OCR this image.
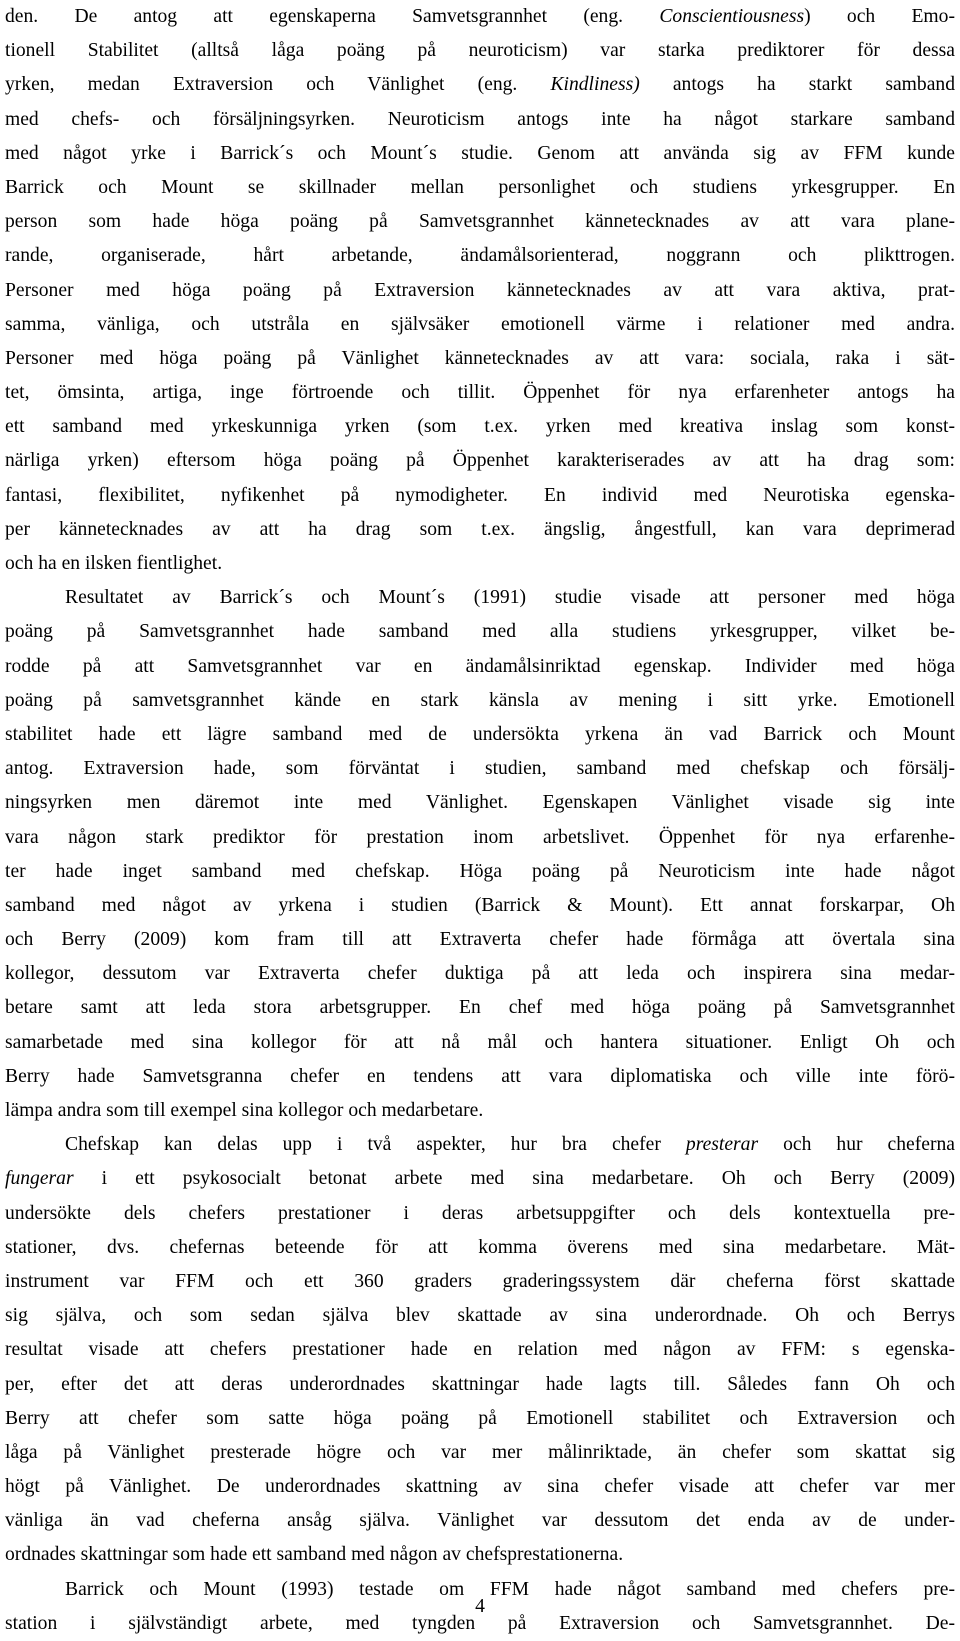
den. De antog att egenskaperna Samvetsgrannhet (eng. Conscientiousness) och Emo-
tionell Stabilitet (alltså låga poäng på neuroticism) var starka prediktorer för dessa
yrken, medan Extraversion och Vänlighet (eng. Kindliness) antogs ha starkt samband
med chefs- och försäljningsyrken. Neuroticism antogs inte ha något starkare samband
med något yrke i Barrick´s och Mount´s studie. Genom att använda sig av FFM kunde
Barrick och Mount se skillnader mellan personlighet och studiens yrkesgrupper. En
person som hade höga poäng på Samvetsgrannhet kännetecknades av att vara plane-
rande, organiserade, hårt arbetande, ändamålsorienterad, noggrann och plikttrogen.
Personer med höga poäng på Extraversion kännetecknades av att vara aktiva, prat-
samma, vänliga, och utstråla en självsäker emotionell värme i relationer med andra.
Personer med höga poäng på Vänlighet kännetecknades av att vara: sociala, raka i sät-
tet, ömsinta, artiga, inge förtroende och tillit. Öppenhet för nya erfarenheter antogs ha
ett samband med yrkeskunniga yrken (som t.ex. yrken med kreativa inslag som konst-
närliga yrken) eftersom höga poäng på Öppenhet karakteriserades av att ha drag som:
fantasi, flexibilitet, nyfikenhet på nymodigheter. En individ med Neurotiska egenska-
per kännetecknades av att ha drag som t.ex. ängslig, ångestfull, kan vara deprimerad
och ha en ilsken fientlighet.
Resultatet av Barrick´s och Mount´s (1991) studie visade att personer med höga
poäng på Samvetsgrannhet hade samband med alla studiens yrkesgrupper, vilket be-
rodde på att Samvetsgrannhet var en ändamålsinriktad egenskap. Individer med höga
poäng på samvetsgrannhet kände en stark känsla av mening i sitt yrke. Emotionell
stabilitet hade ett lägre samband med de undersökta yrkena än vad Barrick och Mount
antog. Extraversion hade, som förväntat i studien, samband med chefskap och försälj-
ningsyrken men däremot inte med Vänlighet. Egenskapen Vänlighet visade sig inte
vara någon stark prediktor för prestation inom arbetslivet. Öppenhet för nya erfarenhe-
ter hade inget samband med chefskap. Höga poäng på Neuroticism inte hade något
samband med något av yrkena i studien (Barrick & Mount). Ett annat forskarpar, Oh
och Berry (2009) kom fram till att Extraverta chefer hade förmåga att övertala sina
kollegor, dessutom var Extraverta chefer duktiga på att leda och inspirera sina medar-
betare samt att leda stora arbetsgrupper. En chef med höga poäng på Samvetsgrannhet
samarbetade med sina kollegor för att nå mål och hantera situationer. Enligt Oh och
Berry hade Samvetsgranna chefer en tendens att vara diplomatiska och ville inte förö-
lämpa andra som till exempel sina kollegor och medarbetare.
Chefskap kan delas upp i två aspekter, hur bra chefer presterar och hur cheferna
fungerar i ett psykosocialt betonat arbete med sina medarbetare. Oh och Berry (2009)
undersökte dels chefers prestationer i deras arbetsuppgifter och dels kontextuella pre-
stationer, dvs. chefernas beteende för att komma överens med sina medarbetare. Mät-
instrument var FFM och ett 360 graders graderingssystem där cheferna först skattade
sig själva, och som sedan själva blev skattade av sina underordnade. Oh och Berrys
resultat visade att chefers prestationer hade en relation med någon av FFM: s egenska-
per, efter det att deras underordnades skattningar hade lagts till. Således fann Oh och
Berry att chefer som satte höga poäng på Emotionell stabilitet och Extraversion och
låga på Vänlighet presterade högre och var mer målinriktade, än chefer som skattat sig
högt på Vänlighet. De underordnades skattning av sina chefer visade att chefer var mer
vänliga än vad cheferna ansåg själva. Vänlighet var dessutom det enda av de under-
ordnades skattningar som hade ett samband med någon av chefsprestationerna.
Barrick och Mount (1993) testade om FFM hade något samband med chefers pre-
station i självständigt arbete, med tyngden på Extraversion och Samvetsgrannhet. De-
4
